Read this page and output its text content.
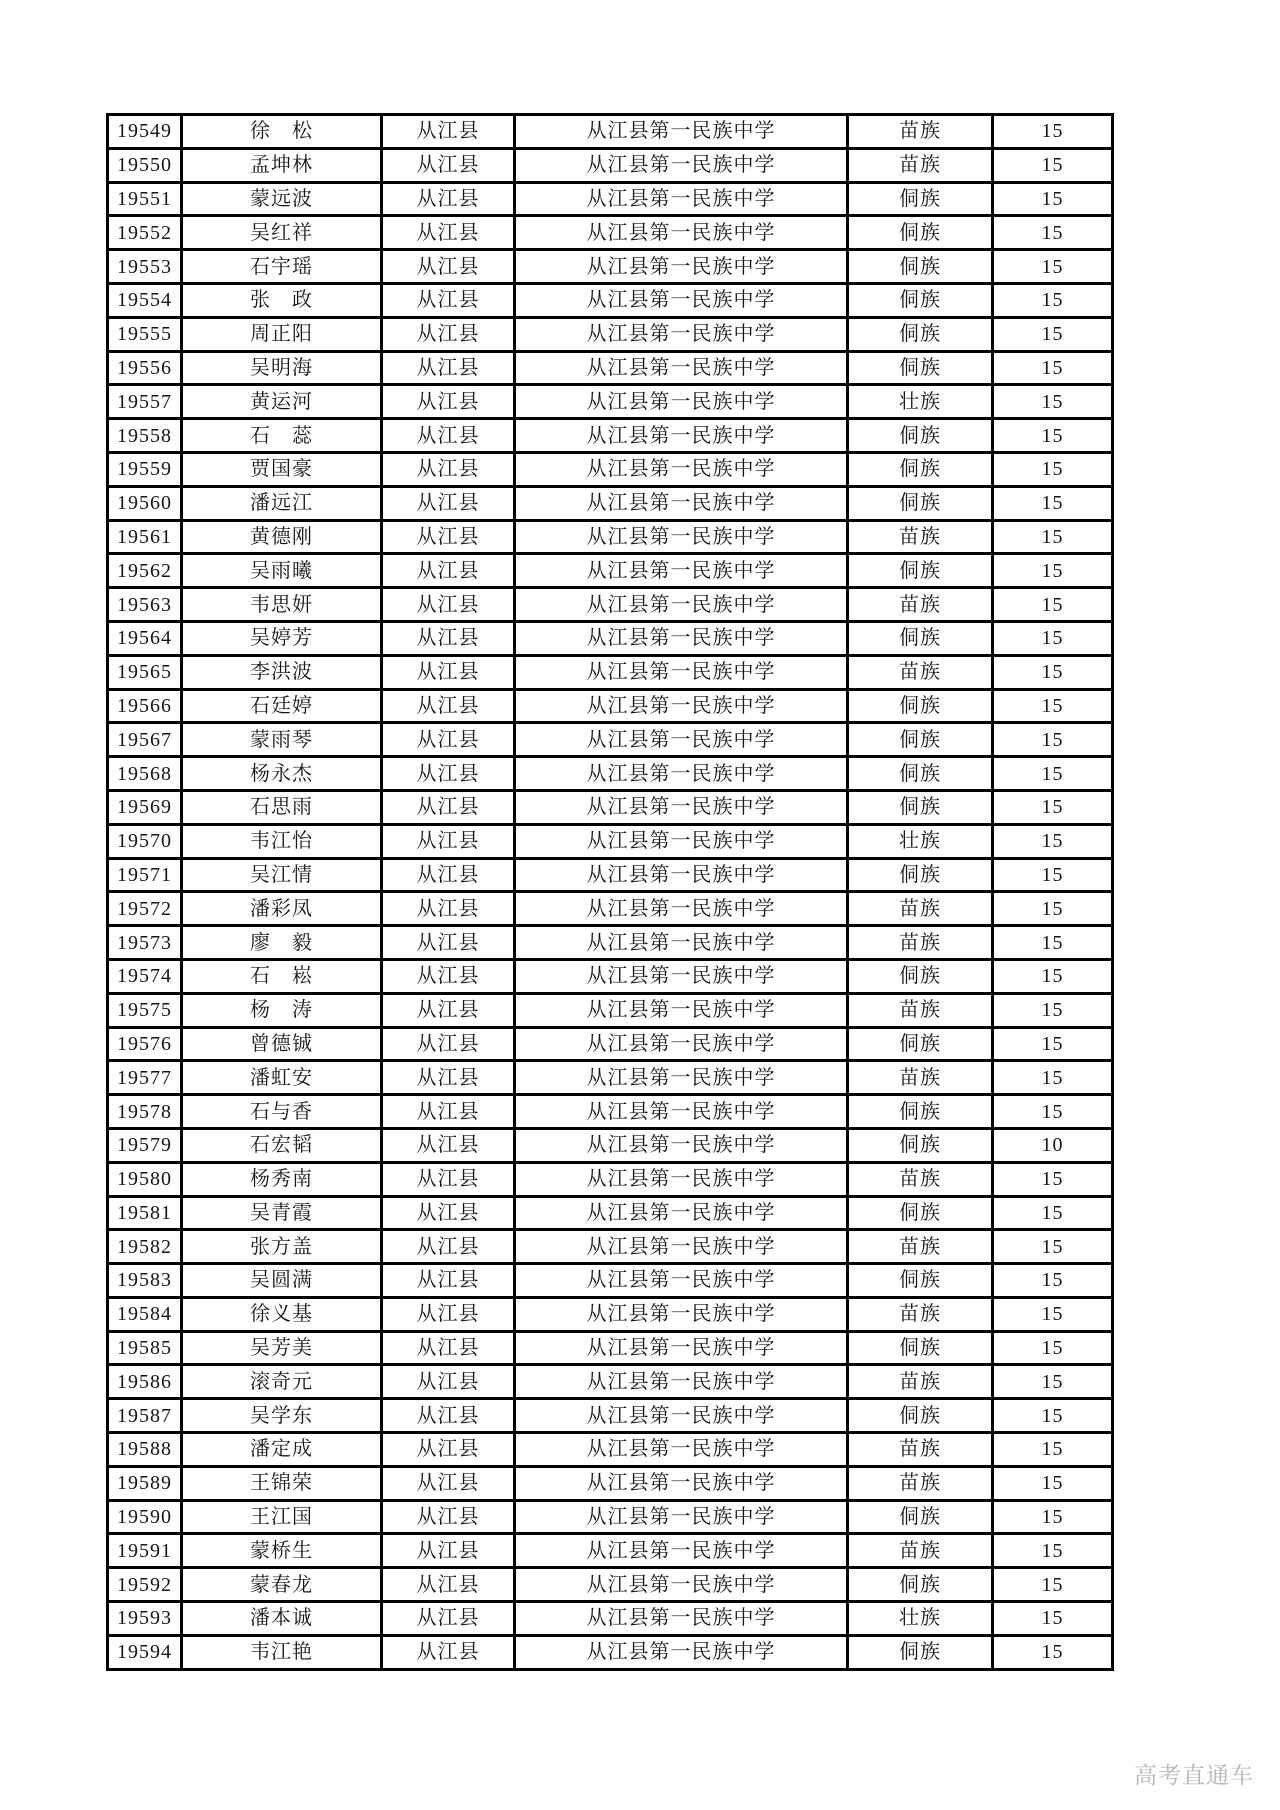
19549	徐　松	从江县	从江县第一民族中学	苗族	15
19550	孟坤林	从江县	从江县第一民族中学	苗族	15
19551	蒙远波	从江县	从江县第一民族中学	侗族	15
19552	吴红祥	从江县	从江县第一民族中学	侗族	15
19553	石宇瑶	从江县	从江县第一民族中学	侗族	15
19554	张　政	从江县	从江县第一民族中学	侗族	15
19555	周正阳	从江县	从江县第一民族中学	侗族	15
19556	吴明海	从江县	从江县第一民族中学	侗族	15
19557	黄运河	从江县	从江县第一民族中学	壮族	15
19558	石　蕊	从江县	从江县第一民族中学	侗族	15
19559	贾国豪	从江县	从江县第一民族中学	侗族	15
19560	潘远江	从江县	从江县第一民族中学	侗族	15
19561	黄德刚	从江县	从江县第一民族中学	苗族	15
19562	吴雨曦	从江县	从江县第一民族中学	侗族	15
19563	韦思妍	从江县	从江县第一民族中学	苗族	15
19564	吴婷芳	从江县	从江县第一民族中学	侗族	15
19565	李洪波	从江县	从江县第一民族中学	苗族	15
19566	石廷婷	从江县	从江县第一民族中学	侗族	15
19567	蒙雨琴	从江县	从江县第一民族中学	侗族	15
19568	杨永杰	从江县	从江县第一民族中学	侗族	15
19569	石思雨	从江县	从江县第一民族中学	侗族	15
19570	韦江怡	从江县	从江县第一民族中学	壮族	15
19571	吴江情	从江县	从江县第一民族中学	侗族	15
19572	潘彩凤	从江县	从江县第一民族中学	苗族	15
19573	廖　毅	从江县	从江县第一民族中学	苗族	15
19574	石　崧	从江县	从江县第一民族中学	侗族	15
19575	杨　涛	从江县	从江县第一民族中学	苗族	15
19576	曾德铖	从江县	从江县第一民族中学	侗族	15
19577	潘虹安	从江县	从江县第一民族中学	苗族	15
19578	石与香	从江县	从江县第一民族中学	侗族	15
19579	石宏韬	从江县	从江县第一民族中学	侗族	10
19580	杨秀南	从江县	从江县第一民族中学	苗族	15
19581	吴青霞	从江县	从江县第一民族中学	侗族	15
19582	张方盖	从江县	从江县第一民族中学	苗族	15
19583	吴圆满	从江县	从江县第一民族中学	侗族	15
19584	徐义基	从江县	从江县第一民族中学	苗族	15
19585	吴芳美	从江县	从江县第一民族中学	侗族	15
19586	滚奇元	从江县	从江县第一民族中学	苗族	15
19587	吴学东	从江县	从江县第一民族中学	侗族	15
19588	潘定成	从江县	从江县第一民族中学	苗族	15
19589	王锦荣	从江县	从江县第一民族中学	苗族	15
19590	王江国	从江县	从江县第一民族中学	侗族	15
19591	蒙桥生	从江县	从江县第一民族中学	苗族	15
19592	蒙春龙	从江县	从江县第一民族中学	侗族	15
19593	潘本诚	从江县	从江县第一民族中学	壮族	15
19594	韦江艳	从江县	从江县第一民族中学	侗族	15
高考直通车
